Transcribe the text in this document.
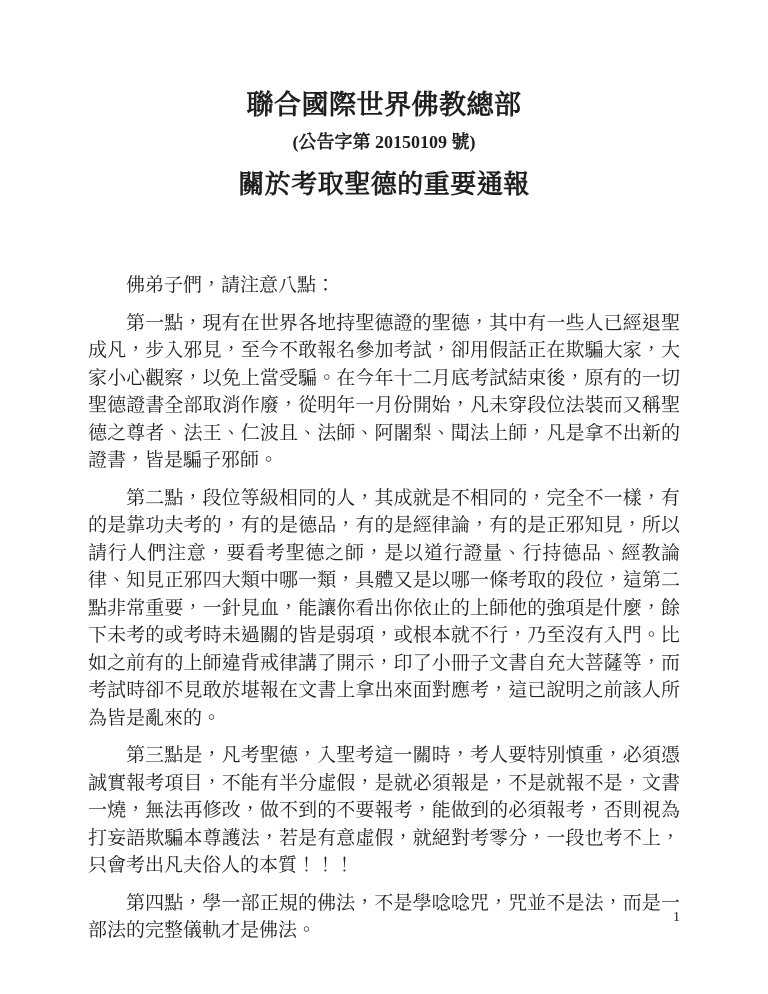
聯合國際世界佛教總部
(公告字第 20150109 號)
關於考取聖德的重要通報

佛弟子們，請注意八點：

第一點，現有在世界各地持聖德證的聖德，其中有一些人已經退聖成凡，步入邪見，至今不敢報名參加考試，卻用假話正在欺騙大家，大家小心觀察，以免上當受騙。在今年十二月底考試結束後，原有的一切聖德證書全部取消作廢，從明年一月份開始，凡未穿段位法裝而又稱聖德之尊者、法王、仁波且、法師、阿闍梨、聞法上師，凡是拿不出新的證書，皆是騙子邪師。

第二點，段位等級相同的人，其成就是不相同的，完全不一樣，有的是靠功夫考的，有的是德品，有的是經律論，有的是正邪知見，所以請行人們注意，要看考聖德之師，是以道行證量、行持德品、經教論律、知見正邪四大類中哪一類，具體又是以哪一條考取的段位，這第二點非常重要，一針見血，能讓你看出你依止的上師他的強項是什麼，餘下未考的或考時未過關的皆是弱項，或根本就不行，乃至沒有入門。比如之前有的上師違背戒律講了開示，印了小冊子文書自充大菩薩等，而考試時卻不見敢於堪報在文書上拿出來面對應考，這已說明之前該人所為皆是亂來的。

第三點是，凡考聖德，入聖考這一關時，考人要特別慎重，必須憑誠實報考項目，不能有半分虛假，是就必須報是，不是就報不是，文書一燒，無法再修改，做不到的不要報考，能做到的必須報考，否則視為打妄語欺騙本尊護法，若是有意虛假，就絕對考零分，一段也考不上，只會考出凡夫俗人的本質！！！

第四點，學一部正規的佛法，不是學唸唸咒，咒並不是法，而是一部法的完整儀軌才是佛法。

1
